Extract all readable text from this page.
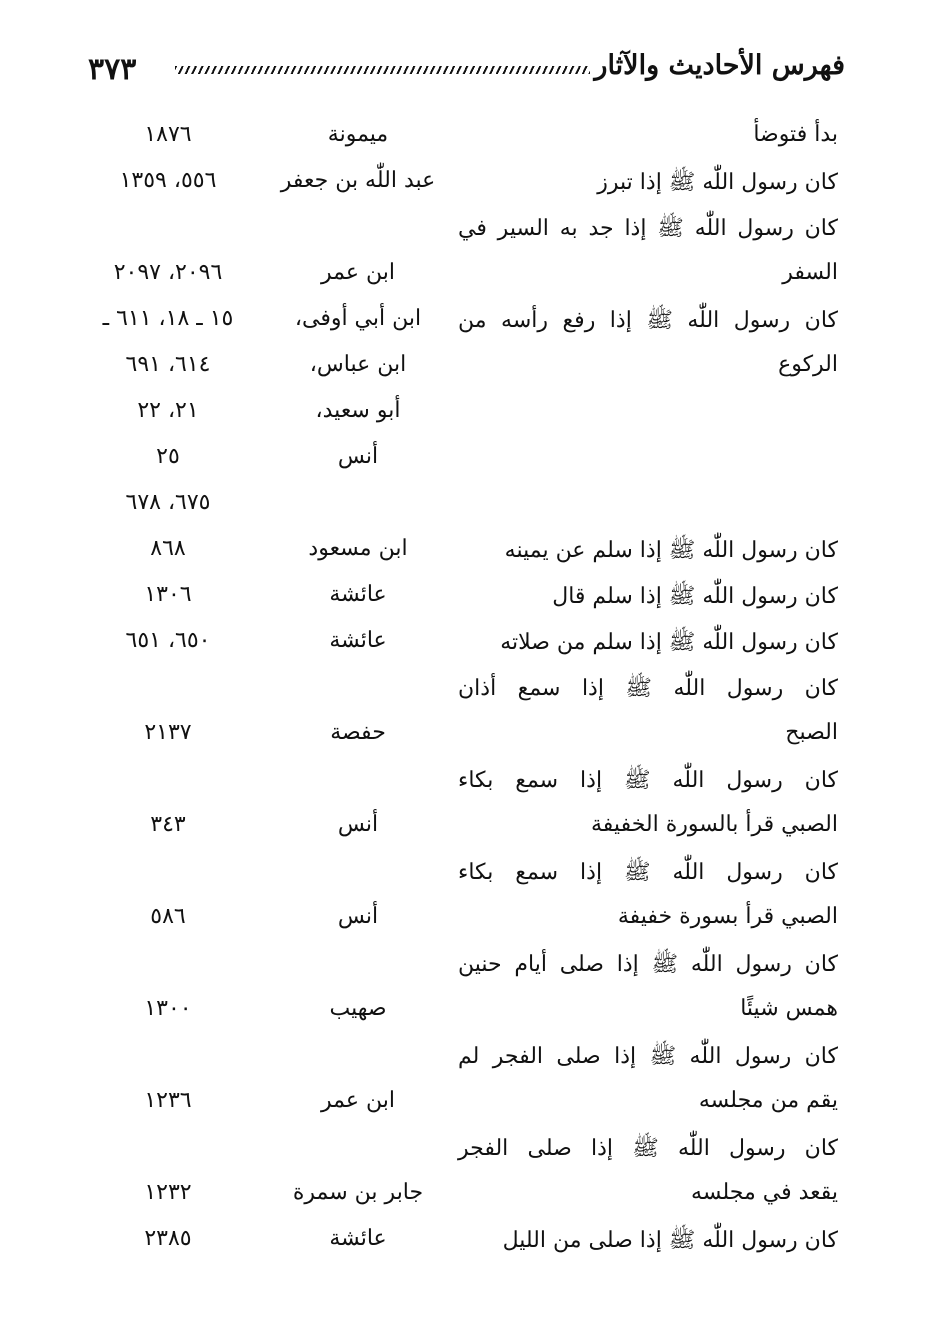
٣٧٣	فهرس الأحاديث والآثار
بدأ فتوضأ
ميمونة
١٨٧٦
كان رسول اللّٰه ﷺ إذا تبرز
عبد اللّٰه بن جعفر
٥٥٦، ١٣٥٩
كان رسول اللّٰه ﷺ إذا جد به السير في
السفر
ابن عمر
٢٠٩٦، ٢٠٩٧
كان رسول اللّٰه ﷺ إذا رفع رأسه من
ابن أبي أوفى،
١٥ ـ ١٨، ٦١١ ـ
الركوع
ابن عباس،
٦١٤، ٦٩١
أبو سعيد،
٢١، ٢٢
أنس
٢٥
٦٧٥، ٦٧٨
كان رسول اللّٰه ﷺ إذا سلم عن يمينه
ابن مسعود
٨٦٨
كان رسول اللّٰه ﷺ إذا سلم قال
عائشة
١٣٠٦
كان رسول اللّٰه ﷺ إذا سلم من صلاته
عائشة
٦٥٠، ٦٥١
كان رسول اللّٰه ﷺ إذا سمع أذان
الصبح
حفصة
٢١٣٧
كان رسول اللّٰه ﷺ إذا سمع بكاء
الصبي قرأ بالسورة الخفيفة
أنس
٣٤٣
كان رسول اللّٰه ﷺ إذا سمع بكاء
الصبي قرأ بسورة خفيفة
أنس
٥٨٦
كان رسول اللّٰه ﷺ إذا صلى أيام حنين
همس شيئًا
صهيب
١٣٠٠
كان رسول اللّٰه ﷺ إذا صلى الفجر لم
يقم من مجلسه
ابن عمر
١٢٣٦
كان رسول اللّٰه ﷺ إذا صلى الفجر
يقعد في مجلسه
جابر بن سمرة
١٢٣٢
كان رسول اللّٰه ﷺ إذا صلى من الليل
عائشة
٢٣٨٥
